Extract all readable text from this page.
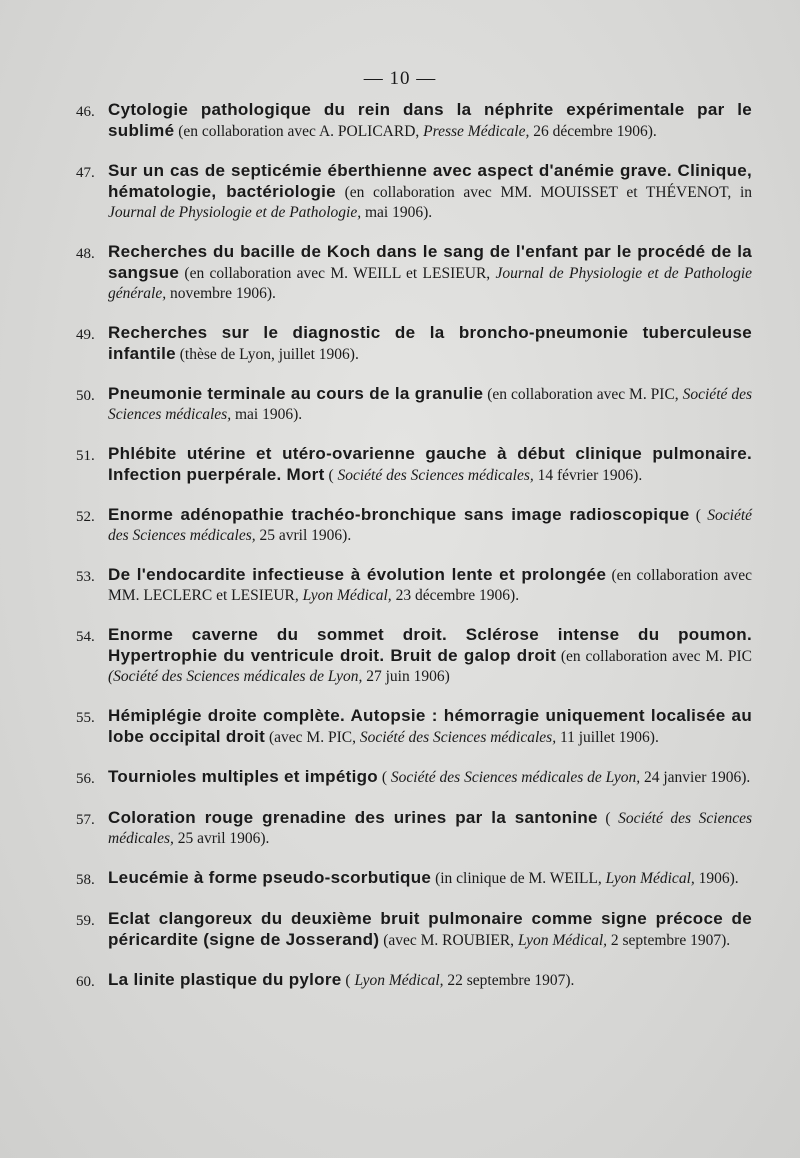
— 10 —
46. Cytologie pathologique du rein dans la néphrite expérimentale par le sublimé (en collaboration avec A. POLICARD, Presse Médicale, 26 décembre 1906).
47. Sur un cas de septicémie éberthienne avec aspect d'anémie grave. Clinique, hématologie, bactériologie (en collaboration avec MM. MOUISSET et THÉVENOT, in Journal de Physiologie et de Pathologie, mai 1906).
48. Recherches du bacille de Koch dans le sang de l'enfant par le procédé de la sangsue (en collaboration avec M. WEILL et LESIEUR, Journal de Physiologie et de Pathologie générale, novembre 1906).
49. Recherches sur le diagnostic de la broncho-pneumonie tuberculeuse infantile (thèse de Lyon, juillet 1906).
50. Pneumonie terminale au cours de la granulie (en collaboration avec M. PIC, Société des Sciences médicales, mai 1906).
51. Phlébite utérine et utéro-ovarienne gauche à début clinique pulmonaire. Infection puerpérale. Mort ( Société des Sciences médicales, 14 février 1906).
52. Enorme adénopathie trachéo-bronchique sans image radioscopique ( Société des Sciences médicales, 25 avril 1906).
53. De l'endocardite infectieuse à évolution lente et prolongée (en collaboration avec MM. LECLERC et LESIEUR, Lyon Médical, 23 décembre 1906).
54. Enorme caverne du sommet droit. Sclérose intense du poumon. Hypertrophie du ventricule droit. Bruit de galop droit (en collaboration avec M. PIC (Société des Sciences médicales de Lyon, 27 juin 1906)
55. Hémiplégie droite complète. Autopsie : hémorragie uniquement localisée au lobe occipital droit (avec M. PIC, Société des Sciences médicales, 11 juillet 1906).
56. Tournioles multiples et impétigo ( Société des Sciences médicales de Lyon, 24 janvier 1906).
57. Coloration rouge grenadine des urines par la santonine ( Société des Sciences médicales, 25 avril 1906).
58. Leucémie à forme pseudo-scorbutique (in clinique de M. WEILL, Lyon Médical, 1906).
59. Eclat clangoreux du deuxième bruit pulmonaire comme signe précoce de péricardite (signe de Josserand) (avec M. ROUBIER, Lyon Médical, 2 septembre 1907).
60. La linite plastique du pylore ( Lyon Médical, 22 septembre 1907).
